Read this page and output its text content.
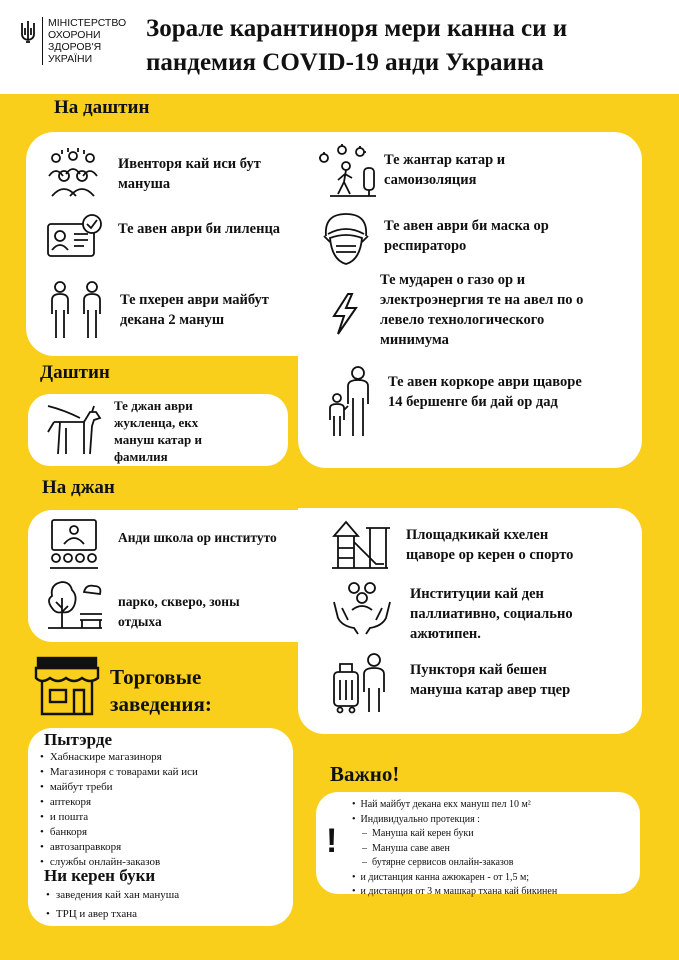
МІНІСТЕРСТВО
ОХОРОНИ
ЗДОРОВ'Я
УКРАЇНИ
Зорале карантиноря мери канна си и
пандемия COVID-19 анди Украина
На даштин
Даштин
На джан
Ивенторя кай иси бут
мануша
Те авен аври би лиленца
Те пхерен аври майбут
декана 2 мануш
Те жантар катар и
самоизоляция
Те авен аври би маска ор
респираторо
Те мударен о газо ор и
электроэнергия те на авел по о
левело технологического
минимума
Те авен коркоре аври щаворе
14 бершенге би дай ор дад
Те джан аври
жукленца, екх
мануш катар и
фамилия
Анди школа ор институто	Площадкикай кхелен
щаворе ор керен о спорто
парко, скверо, зоны
отдыха
Институции кай ден
паллиативно, социально
ажютипен.
Пункторя кай бешен
мануша катар авер тцер
Торговые
заведения:
Пытэрде
• Хабнаскире магазиноря
• Магазиноря с товарами кай иси
• майбут треби
• аптекоря
• и пошта
• банкоря
• автозаправкоря
• службы онлайн-заказов
Ни керен буки
• заведения кай хан мануша
• ТРЦ и авер тхана
Важно!
!
• Най майбут декана екх мануш пел 10 м²
• Индивидуально протекция :
– Мануша кай керен буки
– Мануша саве авен
– бутярне сервисов онлайн-заказов
• и дистанция канна ажюкарен - от 1,5 м;
• и дистанция от 3 м машкар тхана кай бикинен
